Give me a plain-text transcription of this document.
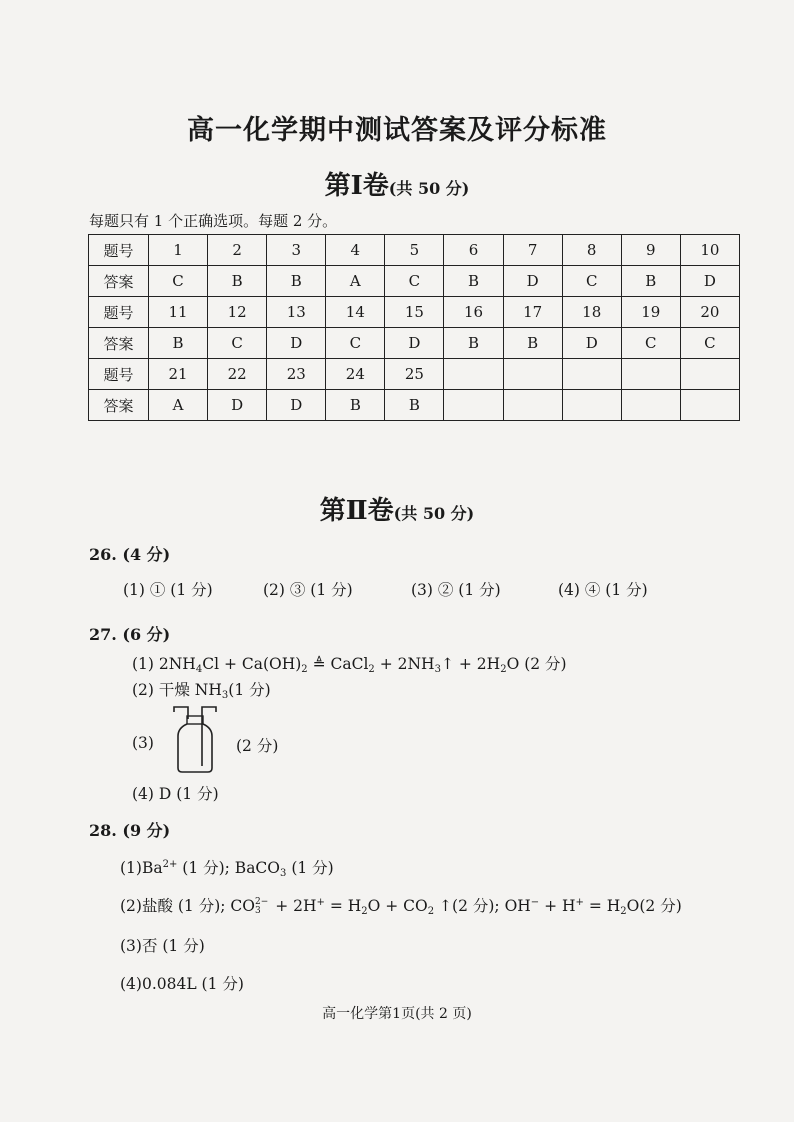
高一化学期中测试答案及评分标准
第Ⅰ卷(共 50 分)
每题只有 1 个正确选项。每题 2 分。
题号	1	2	3	4	5	6	7	8	9	10
答案	C	B	B	A	C	B	D	C	B	D
题号	11	12	13	14	15	16	17	18	19	20
答案	B	C	D	C	D	B	B	D	C	C
题号	21	22	23	24	25					
答案	A	D	D	B	B					
第Ⅱ卷(共 50 分)
26. (4 分)
(1) ① (1 分)	(2) ③ (1 分)	(3) ② (1 分)	(4) ④ (1 分)
27. (6 分)
(1) $2NH_4Cl + Ca(OH)_2$ ≜ CaCl$_2$ + $2NH_3↑ + 2H_2O$ (2 分)
(2) 干燥 $NH_3(1$ 分)
(3)	(2 分)
(4) D (1 分)
28. (9 分)
$(1)Ba^{2+}$ (1 分); BaCO$_3$ (1 分)
(2)盐酸 (1 分); CO 2−
$3 + 2H^+ = H_2O + CO_2$ ↑(2 分); $OH^- + H^+ = H_2O(2$ 分)
(3)否 (1 分)
(4)0.084L (1 分)
高一化学第1页(共 2 页)
